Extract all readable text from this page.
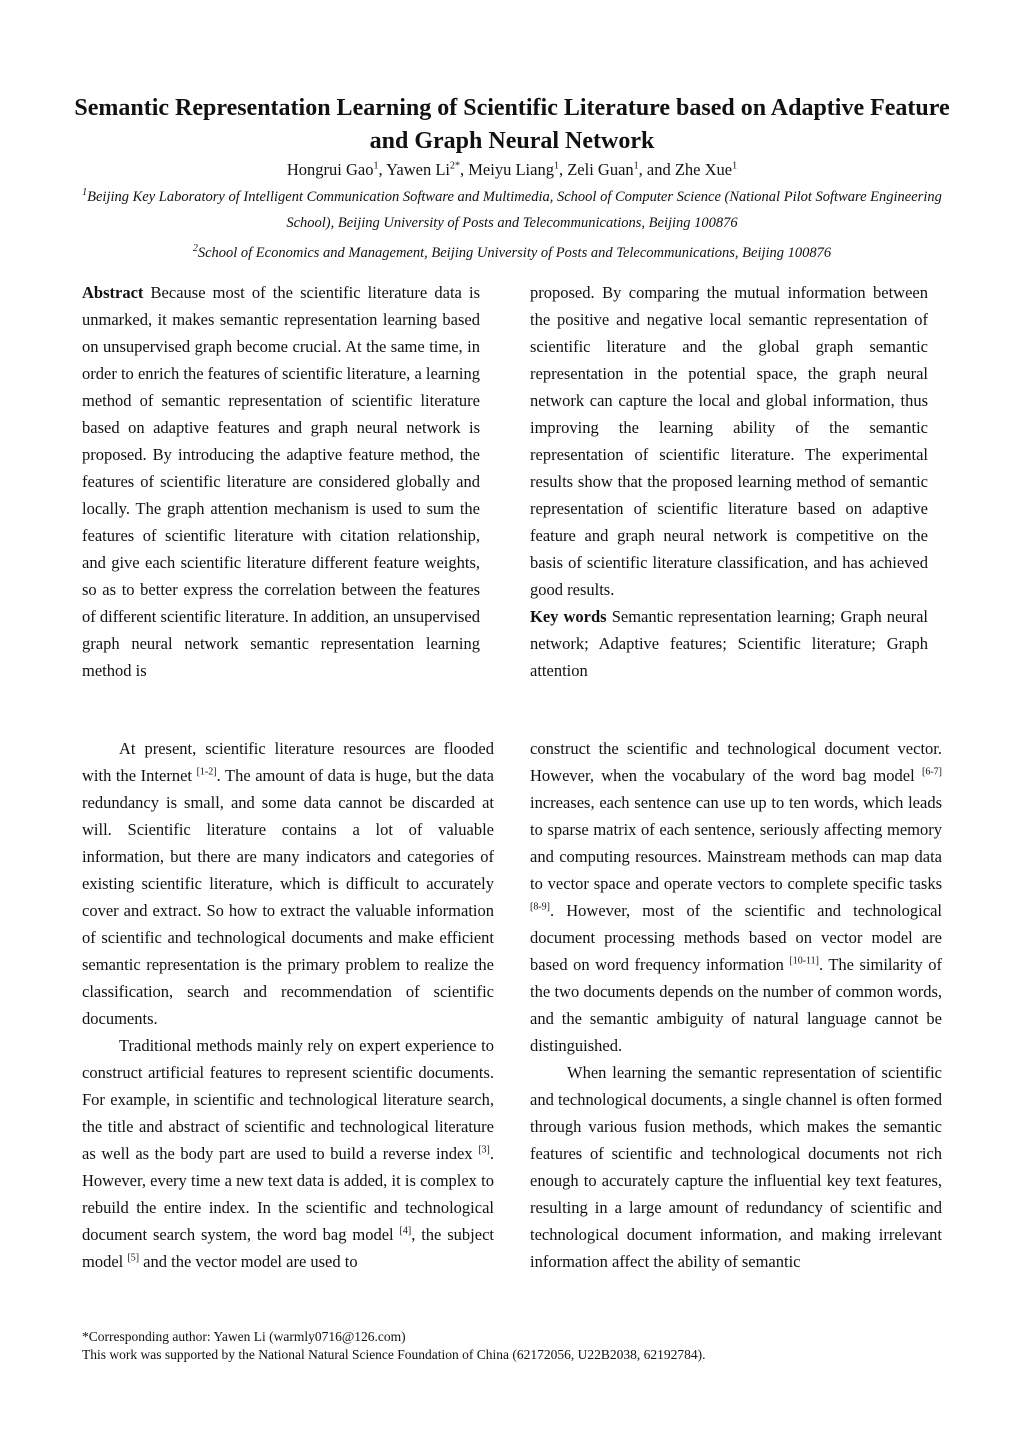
Semantic Representation Learning of Scientific Literature based on Adaptive Feature and Graph Neural Network
Hongrui Gao$^1$, Yawen $Li^{2*}$, Meiyu Liang$^1$, Zeli Guan$^1$, and Zhe Xue$^1$
$^1$Beijing Key Laboratory of Intelligent Communication Software and Multimedia, School of Computer Science (National Pilot Software Engineering School), Beijing University of Posts and Telecommunications, Beijing 100876
$^2$School of Economics and Management, Beijing University of Posts and Telecommunications, Beijing 100876

Abstract Because most of the scientific literature data is unmarked, it makes semantic representation learning based on unsupervised graph become crucial. At the same time, in order to enrich the features of scientific literature, a learning method of semantic representation of scientific literature based on adaptive features and graph neural network is proposed. By introducing the adaptive feature method, the features of scientific literature are considered globally and locally. The graph attention mechanism is used to sum the features of scientific literature with citation relationship, and give each scientific literature different feature weights, so as to better express the correlation between the features of different scientific literature. In addition, an unsupervised graph neural network semantic representation learning method is

proposed. By comparing the mutual information between the positive and negative local semantic representation of scientific literature and the global graph semantic representation in the potential space, the graph neural network can capture the local and global information, thus improving the learning ability of the semantic representation of scientific literature. The experimental results show that the proposed learning method of semantic representation of scientific literature based on adaptive feature and graph neural network is competitive on the basis of scientific literature classification, and has achieved good results.

Key words Semantic representation learning; Graph neural network; Adaptive features; Scientific literature; Graph attention

At present, scientific literature resources are flooded with the Internet [1-2]. The amount of data is huge, but the data redundancy is small, and some data cannot be discarded at will. Scientific literature contains a lot of valuable information, but there are many indicators and categories of existing scientific literature, which is difficult to accurately cover and extract. So how to extract the valuable information of scientific and technological documents and make efficient semantic representation is the primary problem to realize the classification, search and recommendation of scientific documents.

Traditional methods mainly rely on expert experience to construct artificial features to represent scientific documents. For example, in scientific and technological literature search, the title and abstract of scientific and technological literature as well as the body part are used to build a reverse index [3]. However, every time a new text data is added, it is complex to rebuild the entire index. In the scientific and technological document search system, the word bag model [4], the subject model [5] and the vector model are used to

construct the scientific and technological document vector. However, when the vocabulary of the word bag model [6-7] increases, each sentence can use up to ten words, which leads to sparse matrix of each sentence, seriously affecting memory and computing resources. Mainstream methods can map data to vector space and operate vectors to complete specific tasks [8-9]. However, most of the scientific and technological document processing methods based on vector model are based on word frequency information [10-11]. The similarity of the two documents depends on the number of common words, and the semantic ambiguity of natural language cannot be distinguished.

When learning the semantic representation of scientific and technological documents, a single channel is often formed through various fusion methods, which makes the semantic features of scientific and technological documents not rich enough to accurately capture the influential key text features, resulting in a large amount of redundancy of scientific and technological document information, and making irrelevant information affect the ability of semantic

*Corresponding author: Yawen Li (warmly0716@126.com)
This work was supported by the National Natural Science Foundation of China (62172056, U22B2038, 62192784).
